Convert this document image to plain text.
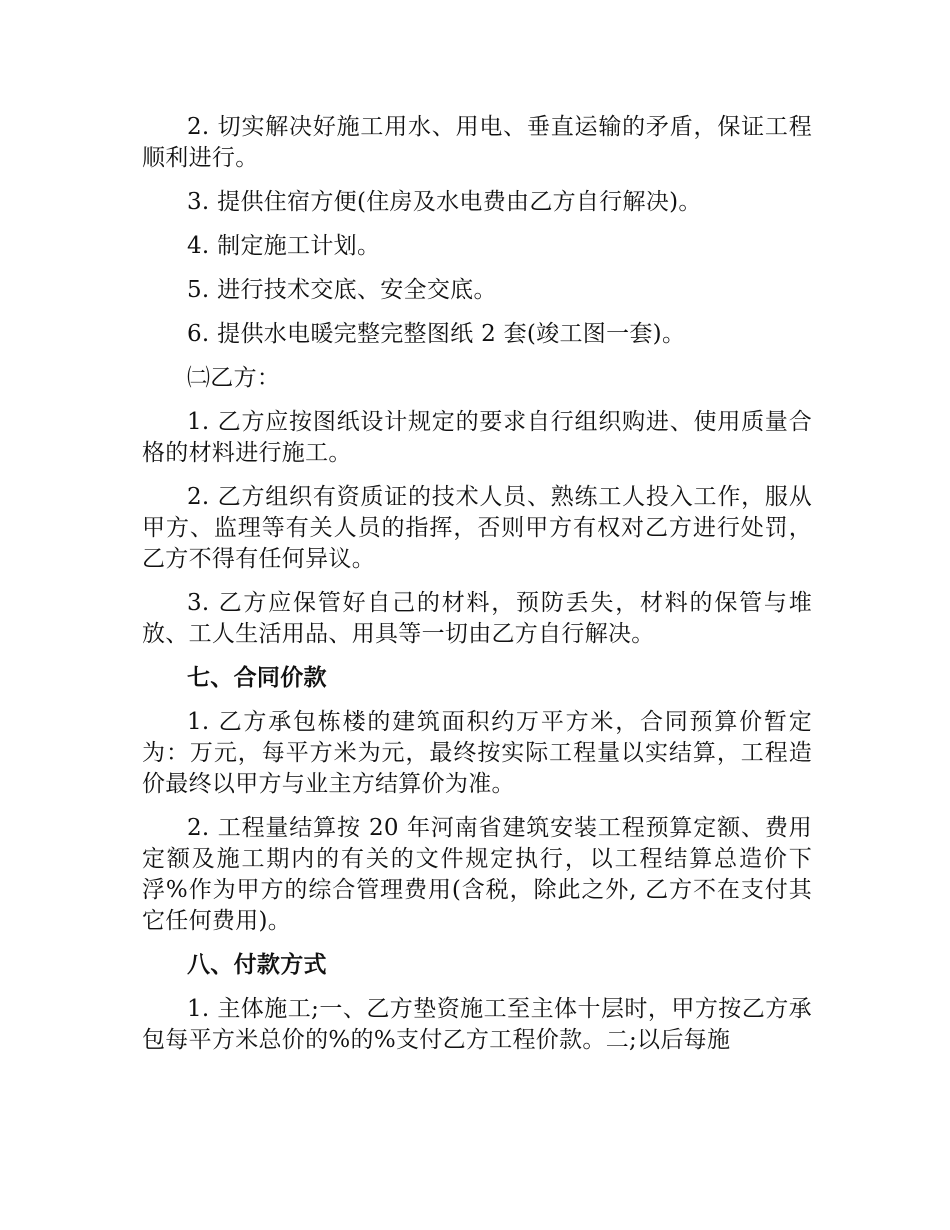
2. 切实解决好施工用水、用电、垂直运输的矛盾，保证工程顺利进行。

3. 提供住宿方便(住房及水电费由乙方自行解决)。

4. 制定施工计划。

5. 进行技术交底、安全交底。

6. 提供水电暖完整完整图纸 2 套(竣工图一套)。

㈡乙方：

1. 乙方应按图纸设计规定的要求自行组织购进、使用质量合格的材料进行施工。

2. 乙方组织有资质证的技术人员、熟练工人投入工作，服从甲方、监理等有关人员的指挥，否则甲方有权对乙方进行处罚，乙方不得有任何异议。

3. 乙方应保管好自己的材料，预防丢失，材料的保管与堆放、工人生活用品、用具等一切由乙方自行解决。

七、合同价款

1. 乙方承包栋楼的建筑面积约万平方米，合同预算价暂定为：万元，每平方米为元，最终按实际工程量以实结算，工程造价最终以甲方与业主方结算价为准。

2. 工程量结算按 20 年河南省建筑安装工程预算定额、费用定额及施工期内的有关的文件规定执行，以工程结算总造价下浮%作为甲方的综合管理费用(含税，除此之外, 乙方不在支付其它任何费用)。

八、付款方式

1. 主体施工;一、乙方垫资施工至主体十层时，甲方按乙方承包每平方米总价的%的%支付乙方工程价款。二;以后每施
